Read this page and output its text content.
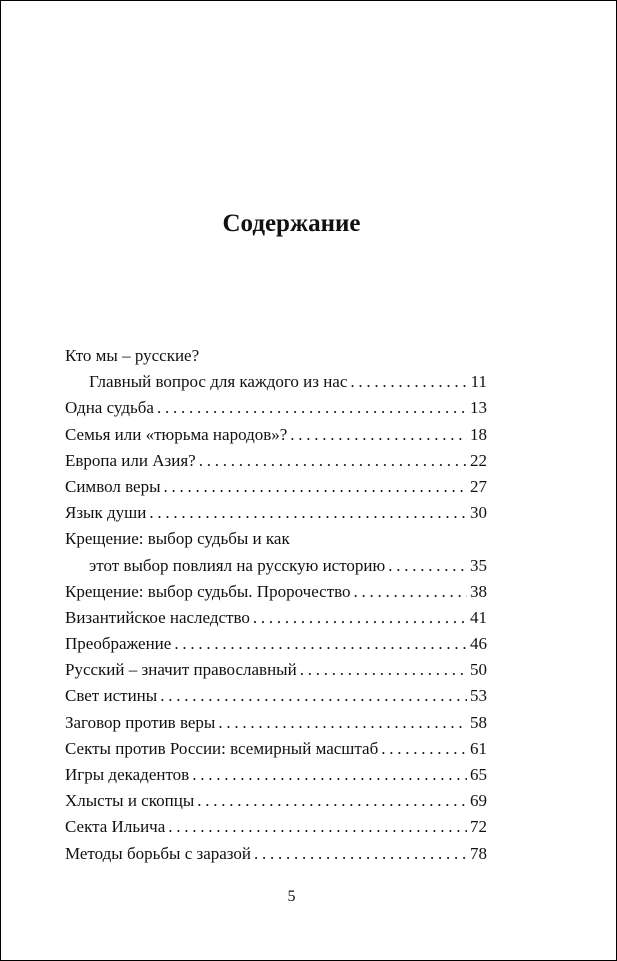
Содержание
Кто мы – русские?
Главный вопрос для каждого из нас . . .	11
Одна судьба . . .	13
Семья или «тюрьма народов»? . . .	18
Европа или Азия? . . .	22
Символ веры . . .	27
Язык души . . .	30
Крещение: выбор судьбы и как
этот выбор повлиял на русскую историю . . .	35
Крещение: выбор судьбы. Пророчество . . .	38
Византийское наследство . . .	41
Преображение . . .	46
Русский – значит православный . . .	50
Свет истины . . .	53
Заговор против веры . . .	58
Секты против России: всемирный масштаб . . .	61
Игры декадентов . . .	65
Хлысты и скопцы . . .	69
Секта Ильича . . .	72
Методы борьбы с заразой . . .	78
5
